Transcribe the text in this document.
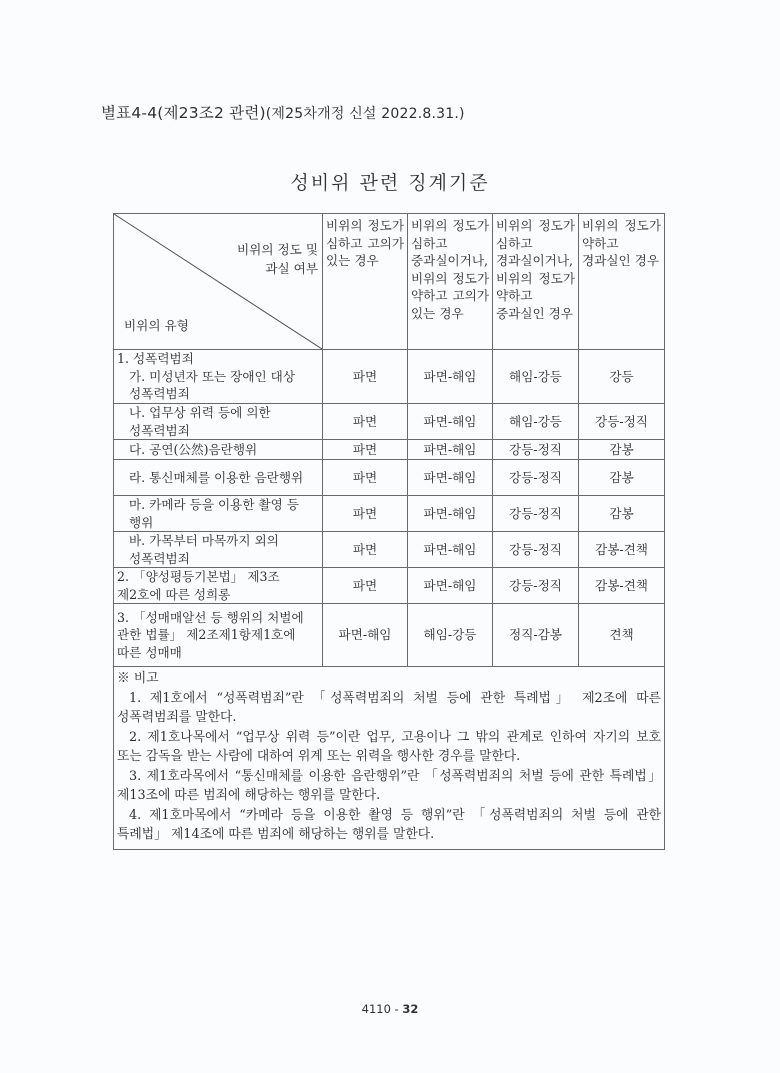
별표4-4(제23조2 관련)(제25차개정 신설 2022.8.31.)
성비위 관련 징계기준
비위의 정도 및
과실 여부
비위의 유형	비위의 정도가 심하고 고의가 있는 경우	비위의 정도가 심하고 중과실이거나, 비위의 정도가 약하고 고의가 있는 경우	비위의 정도가 심하고 경과실이거나, 비위의 정도가 약하고 중과실인 경우	비위의 정도가 약하고 경과실인 경우

1. 성폭력범죄
가. 미성년자 또는 장애인 대상 성폭력범죄	파면	파면-해임	해임-강등	강등

나. 업무상 위력 등에 의한 성폭력범죄	파면	파면-해임	해임-강등	강등-정직

다. 공연(公然)음란행위	파면	파면-해임	강등-정직	감봉

라. 통신매체를 이용한 음란행위	파면	파면-해임	강등-정직	감봉

마. 카메라 등을 이용한 촬영 등 행위	파면	파면-해임	강등-정직	감봉

바. 가목부터 마목까지 외의 성폭력범죄	파면	파면-해임	강등-정직	감봉-견책
2. 「양성평등기본법」 제3조 제2호에 따른 성희롱	파면	파면-해임	강등-정직	감봉-견책
3. 「성매매알선 등 행위의 처벌에 관한 법률」 제2조제1항제1호에 따른 성매매	파면-해임	해임-강등	정직-감봉	견책

※ 비고

1. 제1호에서 “성폭력범죄”란 「성폭력범죄의 처벌 등에 관한 특례법」 제2조에 따른 성폭력범죄를 말한다.

2. 제1호나목에서 “업무상 위력 등”이란 업무, 고용이나 그 밖의 관계로 인하여 자기의 보호 또는 감독을 받는 사람에 대하여 위계 또는 위력을 행사한 경우를 말한다.

3. 제1호라목에서 “통신매체를 이용한 음란행위”란 「성폭력범죄의 처벌 등에 관한 특례법」 제13조에 따른 범죄에 해당하는 행위를 말한다.

4. 제1호마목에서 “카메라 등을 이용한 촬영 등 행위”란 「성폭력범죄의 처벌 등에 관한 특례법」 제14조에 따른 범죄에 해당하는 행위를 말한다.				

4110 - 32
